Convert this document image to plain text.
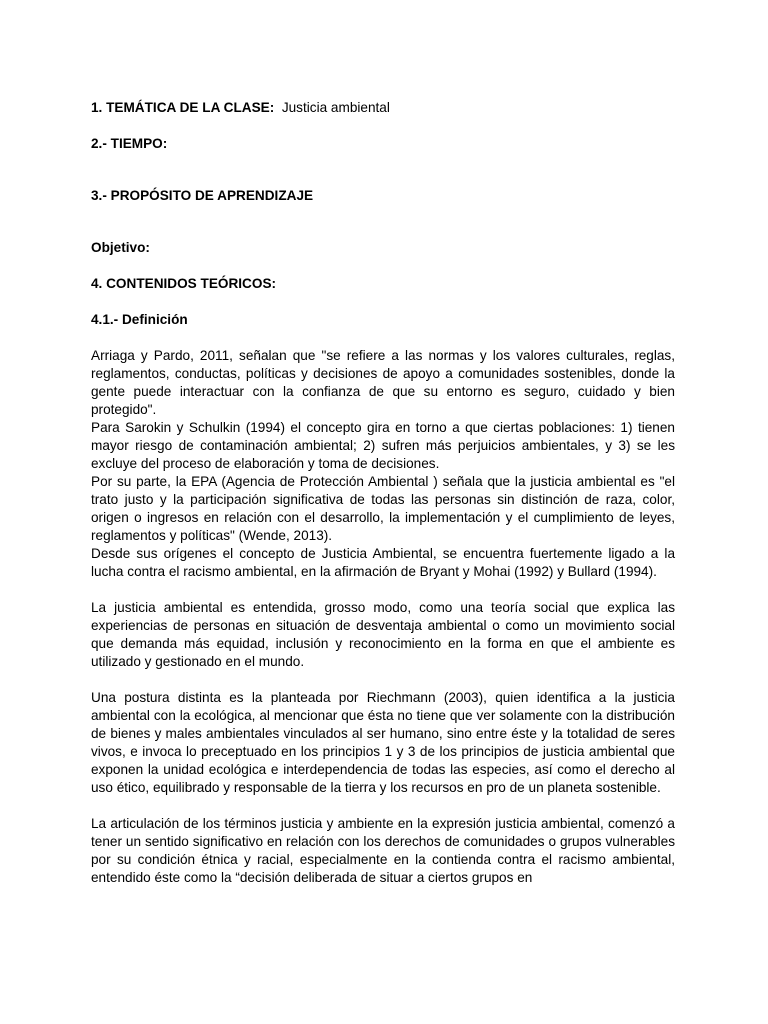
1. TEMÁTICA DE LA CLASE: Justicia ambiental

2.- TIEMPO:

3.- PROPÓSITO DE APRENDIZAJE

Objetivo:

4. CONTENIDOS TEÓRICOS:

4.1.- Definición

Arriaga y Pardo, 2011, señalan que "se refiere a las normas y los valores culturales, reglas, reglamentos, conductas, políticas y decisiones de apoyo a comunidades sostenibles, donde la gente puede interactuar con la confianza de que su entorno es seguro, cuidado y bien protegido".

Para Sarokin y Schulkin (1994) el concepto gira en torno a que ciertas poblaciones: 1) tienen mayor riesgo de contaminación ambiental; 2) sufren más perjuicios ambientales, y 3) se les excluye del proceso de elaboración y toma de decisiones.

Por su parte, la EPA (Agencia de Protección Ambiental ) señala que la justicia ambiental es "el trato justo y la participación significativa de todas las personas sin distinción de raza, color, origen o ingresos en relación con el desarrollo, la implementación y el cumplimiento de leyes, reglamentos y políticas" (Wende, 2013).

Desde sus orígenes el concepto de Justicia Ambiental, se encuentra fuertemente ligado a la lucha contra el racismo ambiental, en la afirmación de Bryant y Mohai (1992) y Bullard (1994).

La justicia ambiental es entendida, grosso modo, como una teoría social que explica las experiencias de personas en situación de desventaja ambiental o como un movimiento social que demanda más equidad, inclusión y reconocimiento en la forma en que el ambiente es utilizado y gestionado en el mundo.

Una postura distinta es la planteada por Riechmann (2003), quien identifica a la justicia ambiental con la ecológica, al mencionar que ésta no tiene que ver solamente con la distribución de bienes y males ambientales vinculados al ser humano, sino entre éste y la totalidad de seres vivos, e invoca lo preceptuado en los principios 1 y 3 de los principios de justicia ambiental que exponen la unidad ecológica e interdependencia de todas las especies, así como el derecho al uso ético, equilibrado y responsable de la tierra y los recursos en pro de un planeta sostenible.

La articulación de los términos justicia y ambiente en la expresión justicia ambiental, comenzó a tener un sentido significativo en relación con los derechos de comunidades o grupos vulnerables por su condición étnica y racial, especialmente en la contienda contra el racismo ambiental, entendido éste como la “decisión deliberada de situar a ciertos grupos en
